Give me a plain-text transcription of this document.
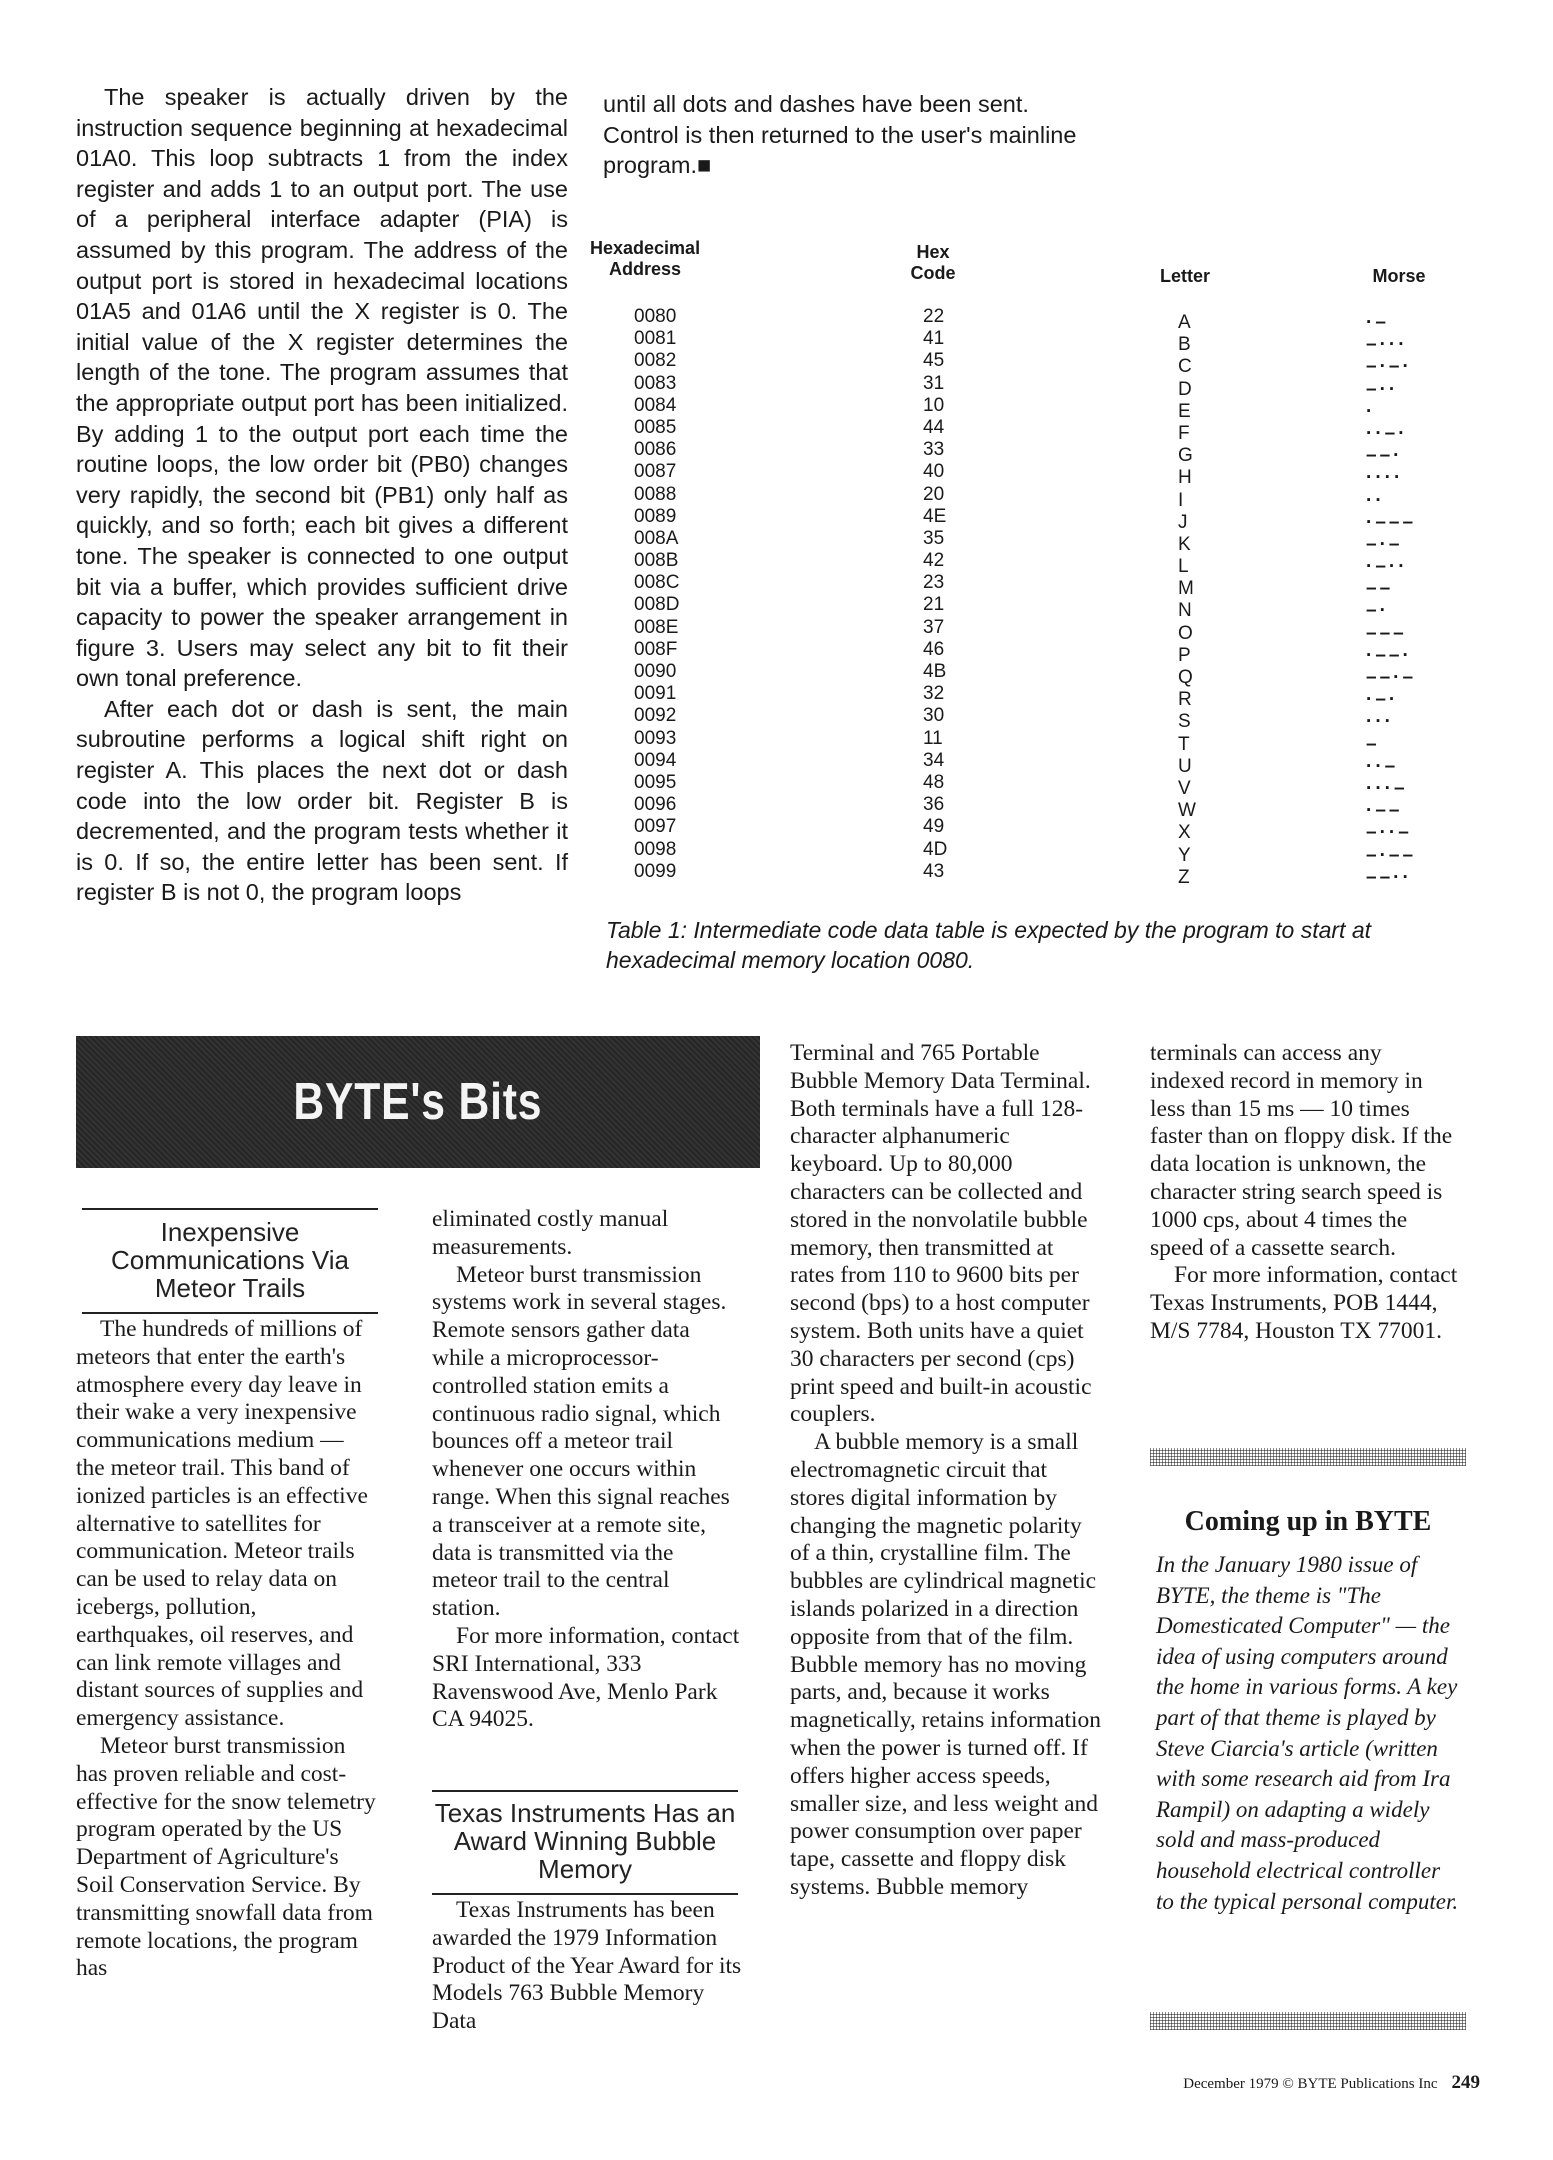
The speaker is actually driven by the instruction sequence beginning at hexadecimal 01A0. This loop subtracts 1 from the index register and adds 1 to an output port. The use of a peripheral interface adapter (PIA) is assumed by this program. The address of the output port is stored in hexadecimal locations 01A5 and 01A6 until the X register is 0. The initial value of the X register determines the length of the tone. The program assumes that the appropriate output port has been initialized. By adding 1 to the output port each time the routine loops, the low order bit (PB0) changes very rapidly, the second bit (PB1) only half as quickly, and so forth; each bit gives a different tone. The speaker is connected to one output bit via a buffer, which provides sufficient drive capacity to power the speaker arrangement in figure 3. Users may select any bit to fit their own tonal preference.

After each dot or dash is sent, the main subroutine performs a logical shift right on register A. This places the next dot or dash code into the low order bit. Register B is decremented, and the program tests whether it is 0. If so, the entire letter has been sent. If register B is not 0, the program loops

until all dots and dashes have been sent. Control is then returned to the user's mainline program.■

Hexadecimal Address
Hex Code	Letter	Morse
0080
0081
0082
0083
0084
0085
0086
0087
0088
0089
008A
008B
008C
008D
008E
008F
0090
0091
0092
0093
0094
0095
0096
0097
0098
0099
22
41
45
31
10
44
33
40
20
4E
35
42
23
21
37
46
4B
32
30
11
34
48
36
49
4D
43
A
B
C
D
E
F
G
H
I
J
K
L
M
N
O
P
Q
R
S
T
U
V
W
X
Y
Z
·–
–···
–·–·
–··
·
··–·
––·
····
··
·–––
–·–
·–··
––
–·
–––
·––·
––·–
·–·
···
–
··–
···–
·––
–··–
–·––
––··
Table 1: Intermediate code data table is expected by the program to start at hexadecimal memory location 0080.
BYTE's Bits
Inexpensive Communications Via Meteor Trails

The hundreds of millions of meteors that enter the earth's atmosphere every day leave in their wake a very inexpensive communications medium — the meteor trail. This band of ionized particles is an effective alternative to satellites for communication. Meteor trails can be used to relay data on icebergs, pollution, earthquakes, oil reserves, and can link remote villages and distant sources of supplies and emergency assistance.

Meteor burst transmission has proven reliable and cost-effective for the snow telemetry program operated by the US Department of Agriculture's Soil Conservation Service. By transmitting snowfall data from remote locations, the program has

eliminated costly manual measurements.

Meteor burst transmission systems work in several stages. Remote sensors gather data while a microprocessor-controlled station emits a continuous radio signal, which bounces off a meteor trail whenever one occurs within range. When this signal reaches a transceiver at a remote site, data is transmitted via the meteor trail to the central station.

For more information, contact SRI International, 333 Ravenswood Ave, Menlo Park CA 94025.

Texas Instruments Has an Award Winning Bubble Memory

Texas Instruments has been awarded the 1979 Information Product of the Year Award for its Models 763 Bubble Memory Data

Terminal and 765 Portable Bubble Memory Data Terminal. Both terminals have a full 128-character alphanumeric keyboard. Up to 80,000 characters can be collected and stored in the nonvolatile bubble memory, then transmitted at rates from 110 to 9600 bits per second (bps) to a host computer system. Both units have a quiet 30 characters per second (cps) print speed and built-in acoustic couplers.

A bubble memory is a small electromagnetic circuit that stores digital information by changing the magnetic polarity of a thin, crystalline film. The bubbles are cylindrical magnetic islands polarized in a direction opposite from that of the film. Bubble memory has no moving parts, and, because it works magnetically, retains information when the power is turned off. If offers higher access speeds, smaller size, and less weight and power consumption over paper tape, cassette and floppy disk systems. Bubble memory

terminals can access any indexed record in memory in less than 15 ms — 10 times faster than on floppy disk. If the data location is unknown, the character string search speed is 1000 cps, about 4 times the speed of a cassette search.

For more information, contact Texas Instruments, POB 1444, M/S 7784, Houston TX 77001.

Coming up in BYTE
In the January 1980 issue of BYTE, the theme is "The Domesticated Computer" — the idea of using computers around the home in various forms. A key part of that theme is played by Steve Ciarcia's article (written with some research aid from Ira Rampil) on adapting a widely sold and mass-produced household electrical controller to the typical personal computer.
December 1979 © BYTE Publications Inc 249
